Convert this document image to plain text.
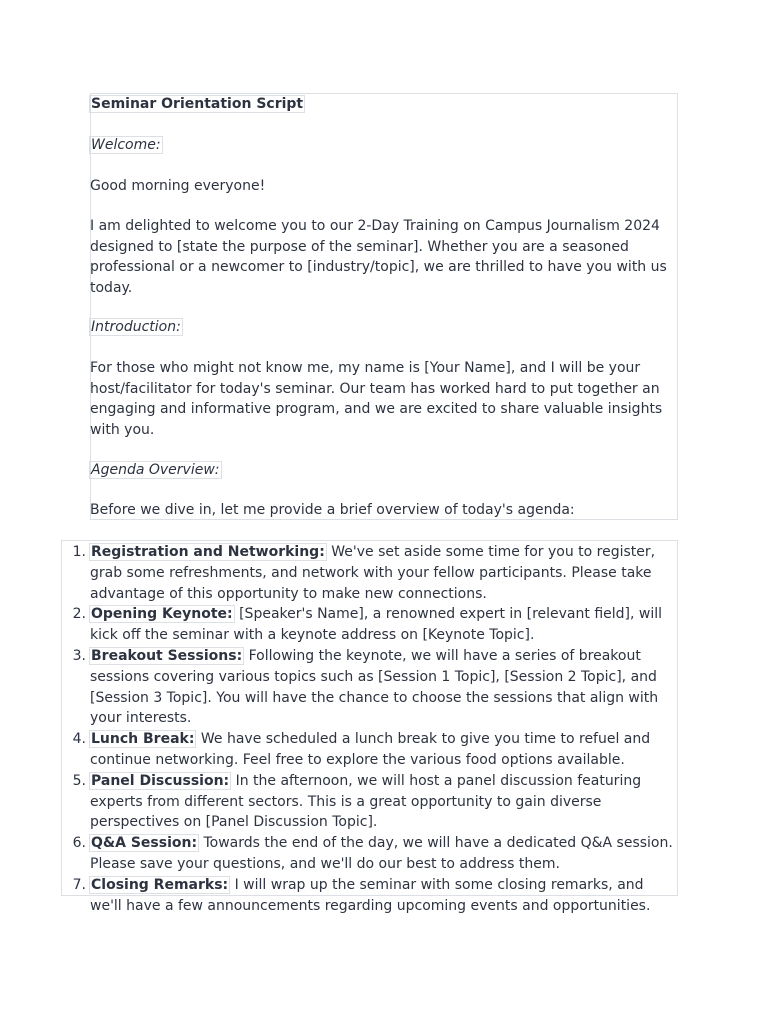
Seminar Orientation Script

Welcome:

Good morning everyone!

I am delighted to welcome you to our 2-Day Training on Campus Journalism 2024 designed to [state the purpose of the seminar]. Whether you are a seasoned professional or a newcomer to [industry/topic], we are thrilled to have you with us today.

Introduction:

For those who might not know me, my name is [Your Name], and I will be your host/facilitator for today's seminar. Our team has worked hard to put together an engaging and informative program, and we are excited to share valuable insights with you.

Agenda Overview:

Before we dive in, let me provide a brief overview of today's agenda:

1. Registration and Networking: We've set aside some time for you to register, grab some refreshments, and network with your fellow participants. Please take advantage of this opportunity to make new connections.
2. Opening Keynote: [Speaker's Name], a renowned expert in [relevant field], will kick off the seminar with a keynote address on [Keynote Topic].
3. Breakout Sessions: Following the keynote, we will have a series of breakout sessions covering various topics such as [Session 1 Topic], [Session 2 Topic], and [Session 3 Topic]. You will have the chance to choose the sessions that align with your interests.
4. Lunch Break: We have scheduled a lunch break to give you time to refuel and continue networking. Feel free to explore the various food options available.
5. Panel Discussion: In the afternoon, we will host a panel discussion featuring experts from different sectors. This is a great opportunity to gain diverse perspectives on [Panel Discussion Topic].
6. Q&A Session: Towards the end of the day, we will have a dedicated Q&A session. Please save your questions, and we'll do our best to address them.
7. Closing Remarks: I will wrap up the seminar with some closing remarks, and we'll have a few announcements regarding upcoming events and opportunities.
